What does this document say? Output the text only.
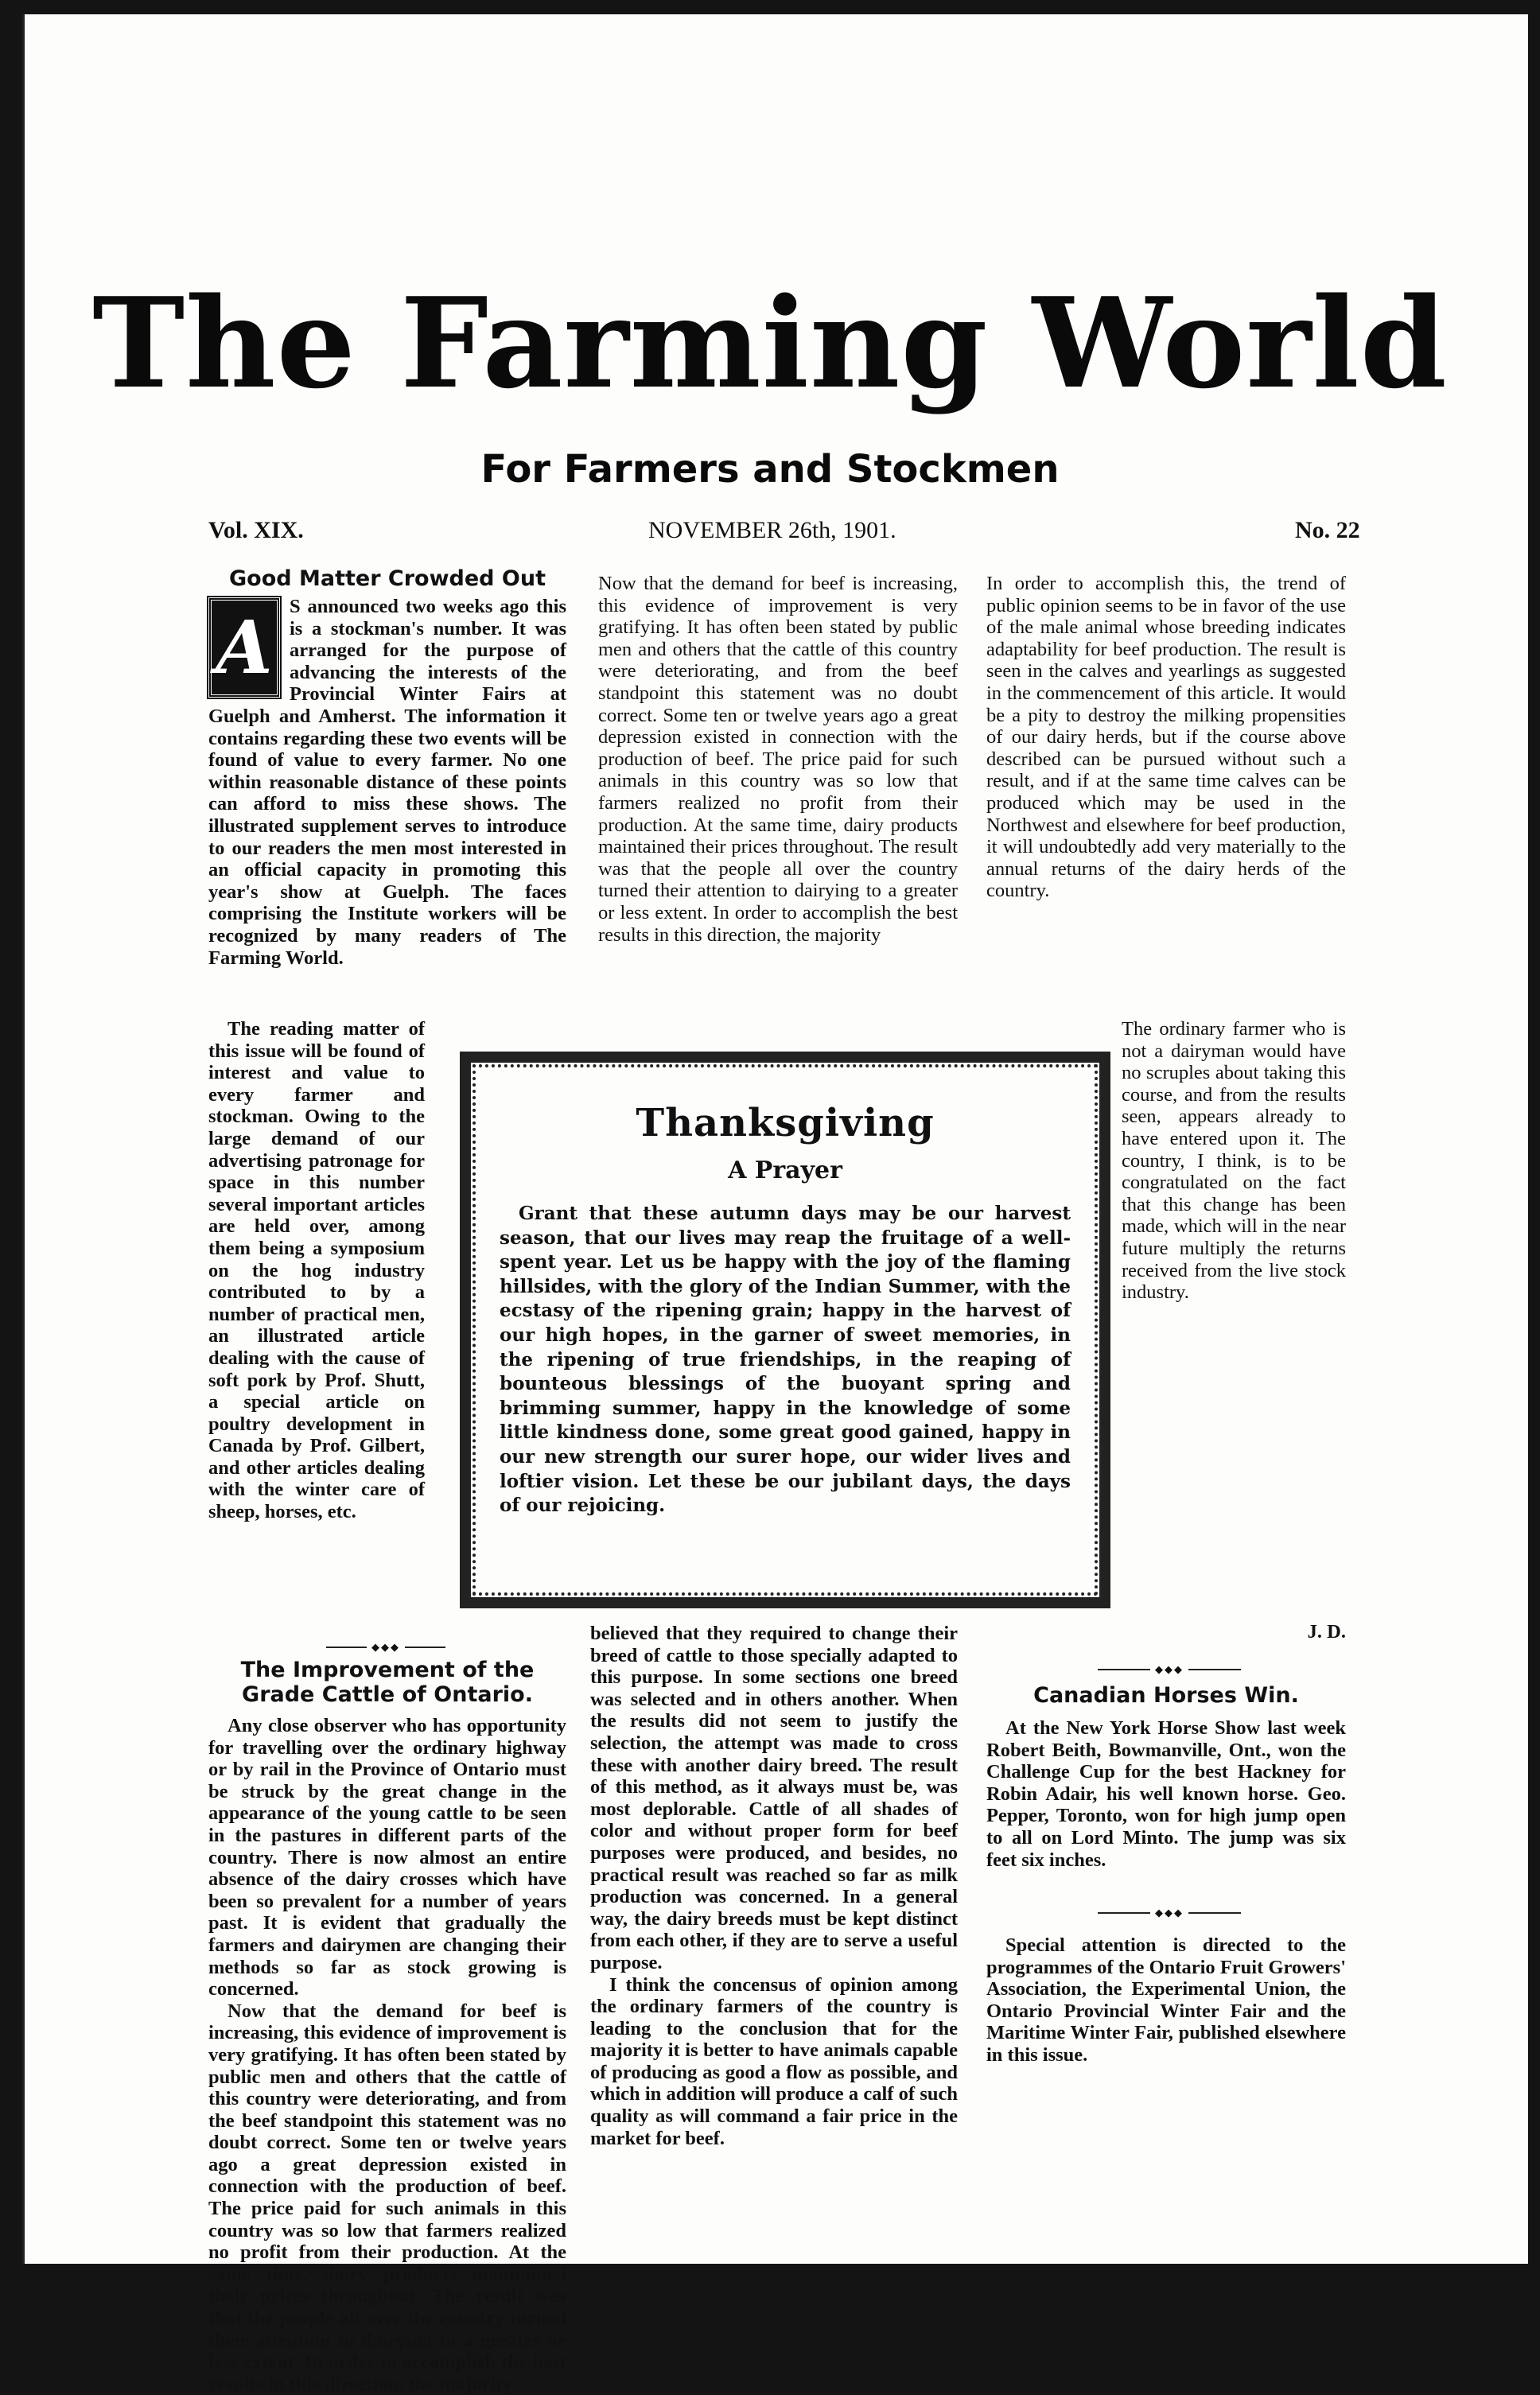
The Farming World
For Farmers and Stockmen
Vol. XIX.	NOVEMBER 26th, 1901.	No. 22
Good Matter Crowded Out
A S announced two weeks ago this is a stockman's number. It was arranged for the purpose of advancing the interests of the Provincial Winter Fairs at Guelph and Amherst. The information it contains regarding these two events will be found of value to every farmer. No one within reasonable distance of these points can afford to miss these shows. The illustrated supplement serves to introduce to our readers the men most interested in an official capacity in promoting this year's show at Guelph. The faces comprising the Institute workers will be recognized by many readers of The Farming World.

The reading matter of this issue will be found of interest and value to every farmer and stockman. Owing to the large demand of our advertising patronage for space in this number several important articles are held over, among them being a symposium on the hog industry contributed to by a number of practical men, an illustrated article dealing with the cause of soft pork by Prof. Shutt, a special article on poultry development in Canada by Prof. Gilbert, and other articles dealing with the winter care of sheep, horses, etc.

◆◆◆
The Improvement of the Grade Cattle of Ontario.

Any close observer who has opportunity for travelling over the ordinary highway or by rail in the Province of Ontario must be struck by the great change in the appearance of the young cattle to be seen in the pastures in different parts of the country. There is now almost an entire absence of the dairy crosses which have been so prevalent for a number of years past. It is evident that gradually the farmers and dairymen are changing their methods so far as stock growing is concerned.

Now that the demand for beef is increasing, this evidence of improvement is very gratifying. It has often been stated by public men and others that the cattle of this country were deteriorating, and from the beef standpoint this statement was no doubt correct. Some ten or twelve years ago a great depression existed in connection with the production of beef. The price paid for such animals in this country was so low that farmers realized no profit from their production. At the same time, dairy products maintained their prices throughout. The result was that the people all over the country turned their attention to dairying to a greater or less extent. In order to accomplish the best results in this direction, the majority

Now that the demand for beef is increasing, this evidence of improvement is very gratifying. It has often been stated by public men and others that the cattle of this country were deteriorating, and from the beef standpoint this statement was no doubt correct. Some ten or twelve years ago a great depression existed in connection with the production of beef. The price paid for such animals in this country was so low that farmers realized no profit from their production. At the same time, dairy products maintained their prices throughout. The result was that the people all over the country turned their attention to dairying to a greater or less extent. In order to accomplish the best results in this direction, the majority

In order to accomplish this, the trend of public opinion seems to be in favor of the use of the male animal whose breeding indicates adaptability for beef production. The result is seen in the calves and yearlings as suggested in the commencement of this article. It would be a pity to destroy the milking propensities of our dairy herds, but if the course above described can be pursued without such a result, and if at the same time calves can be produced which may be used in the Northwest and elsewhere for beef production, it will undoubtedly add very materially to the annual returns of the dairy herds of the country.

The ordinary farmer who is not a dairyman would have no scruples about taking this course, and from the results seen, appears already to have entered upon it. The country, I think, is to be congratulated on the fact that this change has been made, which will in the near future multiply the returns received from the live stock industry.

J. D.
Thanksgiving
A Prayer
Grant that these autumn days may be our harvest season, that our lives may reap the fruitage of a well-spent year. Let us be happy with the joy of the flaming hillsides, with the glory of the Indian Summer, with the ecstasy of the ripening grain; happy in the harvest of our high hopes, in the garner of sweet memories, in the ripening of true friendships, in the reaping of bounteous blessings of the buoyant spring and brimming summer, happy in the knowledge of some little kindness done, some great good gained, happy in our new strength our surer hope, our wider lives and loftier vision. Let these be our jubilant days, the days of our rejoicing.

believed that they required to change their breed of cattle to those specially adapted to this purpose. In some sections one breed was selected and in others another. When the results did not seem to justify the selection, the attempt was made to cross these with another dairy breed. The result of this method, as it always must be, was most deplorable. Cattle of all shades of color and without proper form for beef purposes were produced, and besides, no practical result was reached so far as milk production was concerned. In a general way, the dairy breeds must be kept distinct from each other, if they are to serve a useful purpose.

I think the concensus of opinion among the ordinary farmers of the country is leading to the conclusion that for the majority it is better to have animals capable of producing as good a flow as possible, and which in addition will produce a calf of such quality as will command a fair price in the market for beef.

◆◆◆
Canadian Horses Win.

At the New York Horse Show last week Robert Beith, Bowmanville, Ont., won the Challenge Cup for the best Hackney for Robin Adair, his well known horse. Geo. Pepper, Toronto, won for high jump open to all on Lord Minto. The jump was six feet six inches.

◆◆◆

Special attention is directed to the programmes of the Ontario Fruit Growers' Association, the Experimental Union, the Ontario Provincial Winter Fair and the Maritime Winter Fair, published elsewhere in this issue.
